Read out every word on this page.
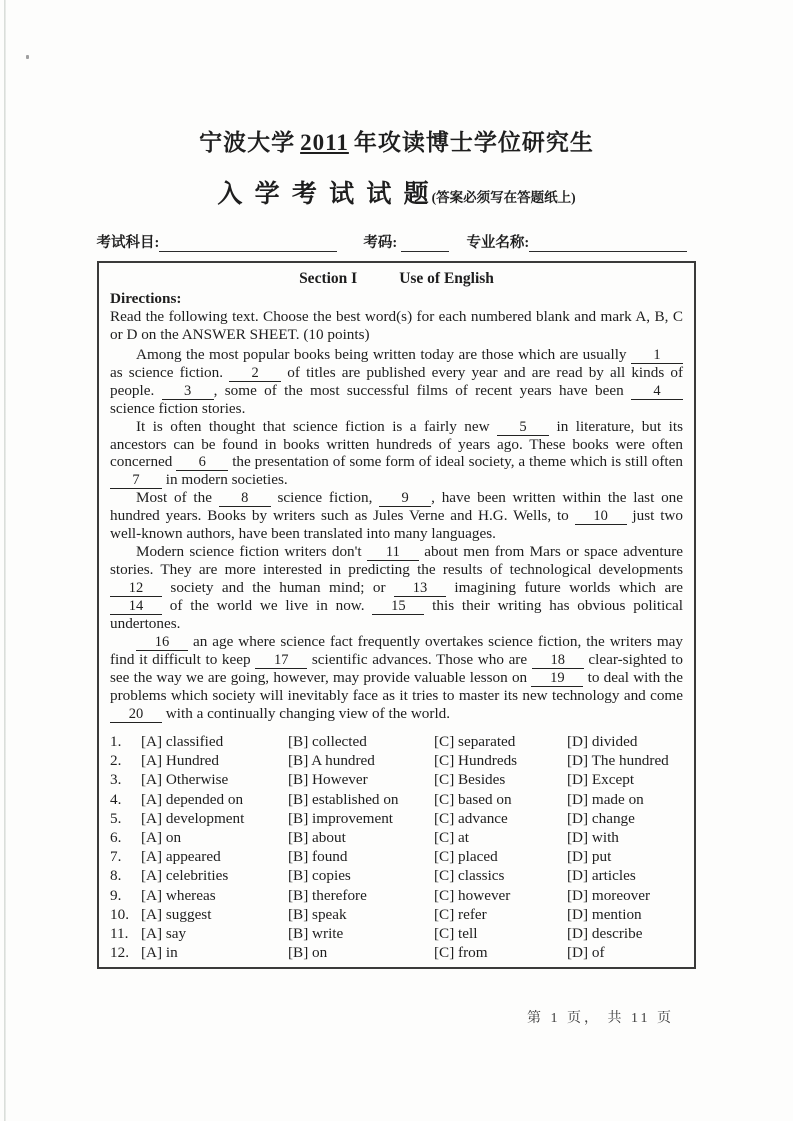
宁波大学 2011 年攻读博士学位研究生
入 学 考 试 试 题(答案必须写在答题纸上)
考试科目:	考码:	专业名称:
Section I	Use of English
Directions:
Read the following text. Choose the best word(s) for each numbered blank and mark A, B, C or D on the ANSWER SHEET. (10 points)

Among the most popular books being written today are those which are usually 1 as science fiction. 2 of titles are published every year and are read by all kinds of people. 3 , some of the most successful films of recent years have been 4 science fiction stories.

It is often thought that science fiction is a fairly new 5 in literature, but its ancestors can be found in books written hundreds of years ago. These books were often concerned 6 the presentation of some form of ideal society, a theme which is still often 7 in modern societies.

Most of the 8 science fiction, 9 , have been written within the last one hundred years. Books by writers such as Jules Verne and H.G. Wells, to 10 just two well-known authors, have been translated into many languages.

Modern science fiction writers don't 11 about men from Mars or space adventure stories. They are more interested in predicting the results of technological developments 12 society and the human mind; or 13 imagining future worlds which are 14 of the world we live in now. 15 this their writing has obvious political undertones.

16 an age where science fact frequently overtakes science fiction, the writers may find it difficult to keep 17 scientific advances. Those who are 18 clear-sighted to see the way we are going, however, may provide valuable lesson on 19 to deal with the problems which society will inevitably face as it tries to master its new technology and come 20 with a continually changing view of the world.

1.	[A] classified	[B] collected	[C] separated	[D] divided
2.	[A] Hundred	[B] A hundred	[C] Hundreds	[D] The hundred
3.	[A] Otherwise	[B] However	[C] Besides	[D] Except
4.	[A] depended on	[B] established on	[C] based on	[D] made on
5.	[A] development	[B] improvement	[C] advance	[D] change
6.	[A] on	[B] about	[C] at	[D] with
7.	[A] appeared	[B] found	[C] placed	[D] put
8.	[A] celebrities	[B] copies	[C] classics	[D] articles
9.	[A] whereas	[B] therefore	[C] however	[D] moreover
10.	[A] suggest	[B] speak	[C] refer	[D] mention
11.	[A] say	[B] write	[C] tell	[D] describe
12.	[A] in	[B] on	[C] from	[D] of
第 1 页， 共 11 页
